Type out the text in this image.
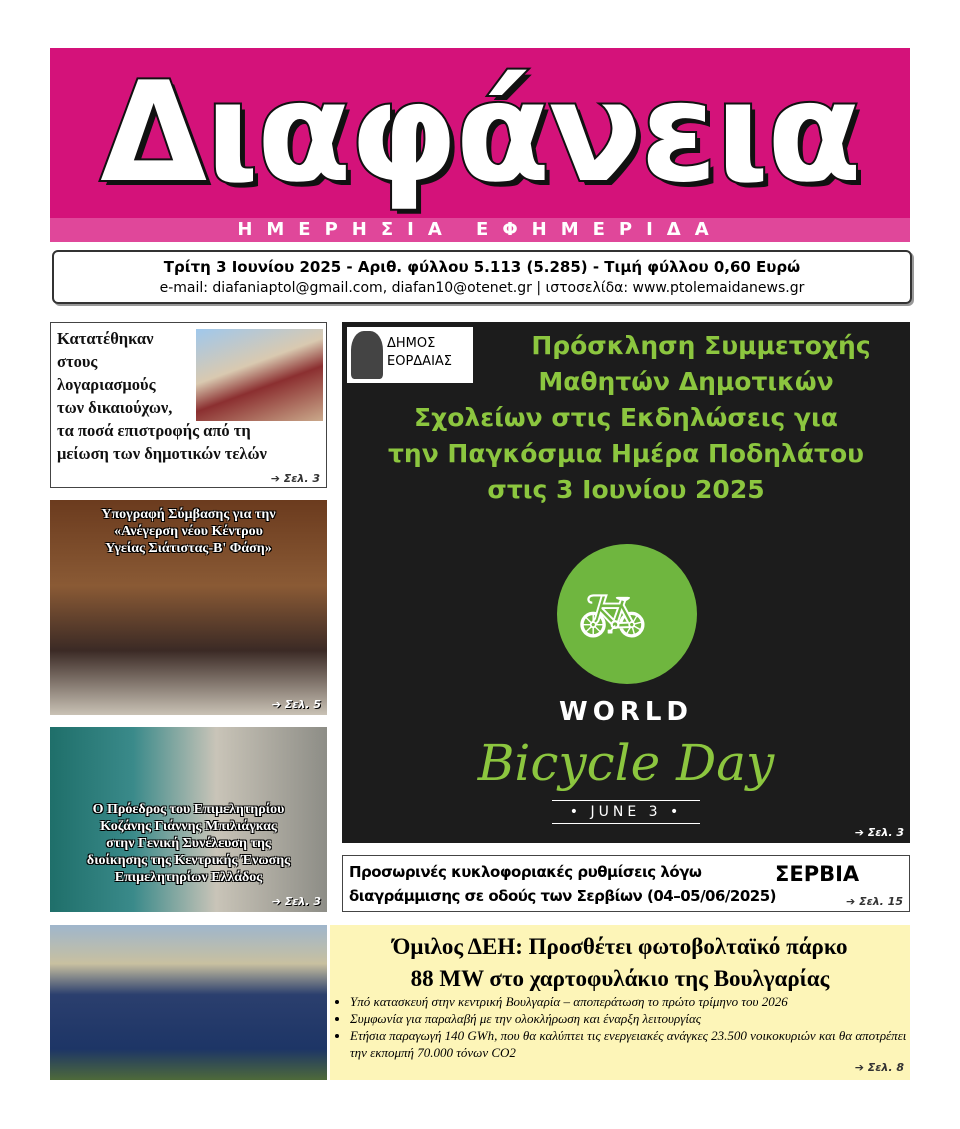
Διαφάνεια
ΗΜΕΡΗΣΙΑ ΕΦΗΜΕΡΙΔΑ
Τρίτη 3 Ιουνίου 2025 - Αριθ. φύλλου 5.113 (5.285) - Τιμή φύλλου 0,60 Ευρώ
e-mail: diafaniaptol@gmail.com, diafan10@otenet.gr | ιστοσελίδα: www.ptolemaidanews.gr
Κατατέθηκαν
στους
λογαριασμούς
των δικαιούχων,
τα ποσά επιστροφής από τη
μείωση των δημοτικών τελών
➔ Σελ. 3
Υπογραφή Σύμβασης για την
«Ανέγερση νέου Κέντρου
Υγείας Σιάτιστας-Β' Φάση»
➔ Σελ. 5
Ο Πρόεδρος του Επιμελητηρίου
Κοζάνης Γιάννης Μπιλιάγκας
στην Γενική Συνέλευση της
διοίκησης της Κεντρικής Ένωσης
Επιμελητηρίων Ελλάδος
➔ Σελ. 3
Πρόσκληση Συμμετοχής
Μαθητών Δημοτικών
Σχολείων στις Εκδηλώσεις για
την Παγκόσμια Ημέρα Ποδηλάτου
στις 3 Ιουνίου 2025
ΔΗΜΟΣ
ΕΟΡΔΑΙΑΣ
🚲︎
WORLD
Bicycle Day
• JUNE 3 •
➔ Σελ. 3
Προσωρινές κυκλοφοριακές ρυθμίσεις λόγω
διαγράμμισης σε οδούς των Σερβίων (04–05/06/2025)
ΣΕΡΒΙΑ
➔ Σελ. 15
Όμιλος ΔΕΗ: Προσθέτει φωτοβολταϊκό πάρκο
88 MW στο χαρτοφυλάκιο της Βουλγαρίας
• Υπό κατασκευή στην κεντρική Βουλγαρία – αποπεράτωση το πρώτο τρίμηνο του 2026
• Συμφωνία για παραλαβή με την ολοκλήρωση και έναρξη λειτουργίας
• Ετήσια παραγωγή 140 GWh, που θα καλύπτει τις ενεργειακές ανάγκες 23.500 νοικοκυριών και θα αποτρέπει την εκπομπή 70.000 τόνων CO2
➔ Σελ. 8
